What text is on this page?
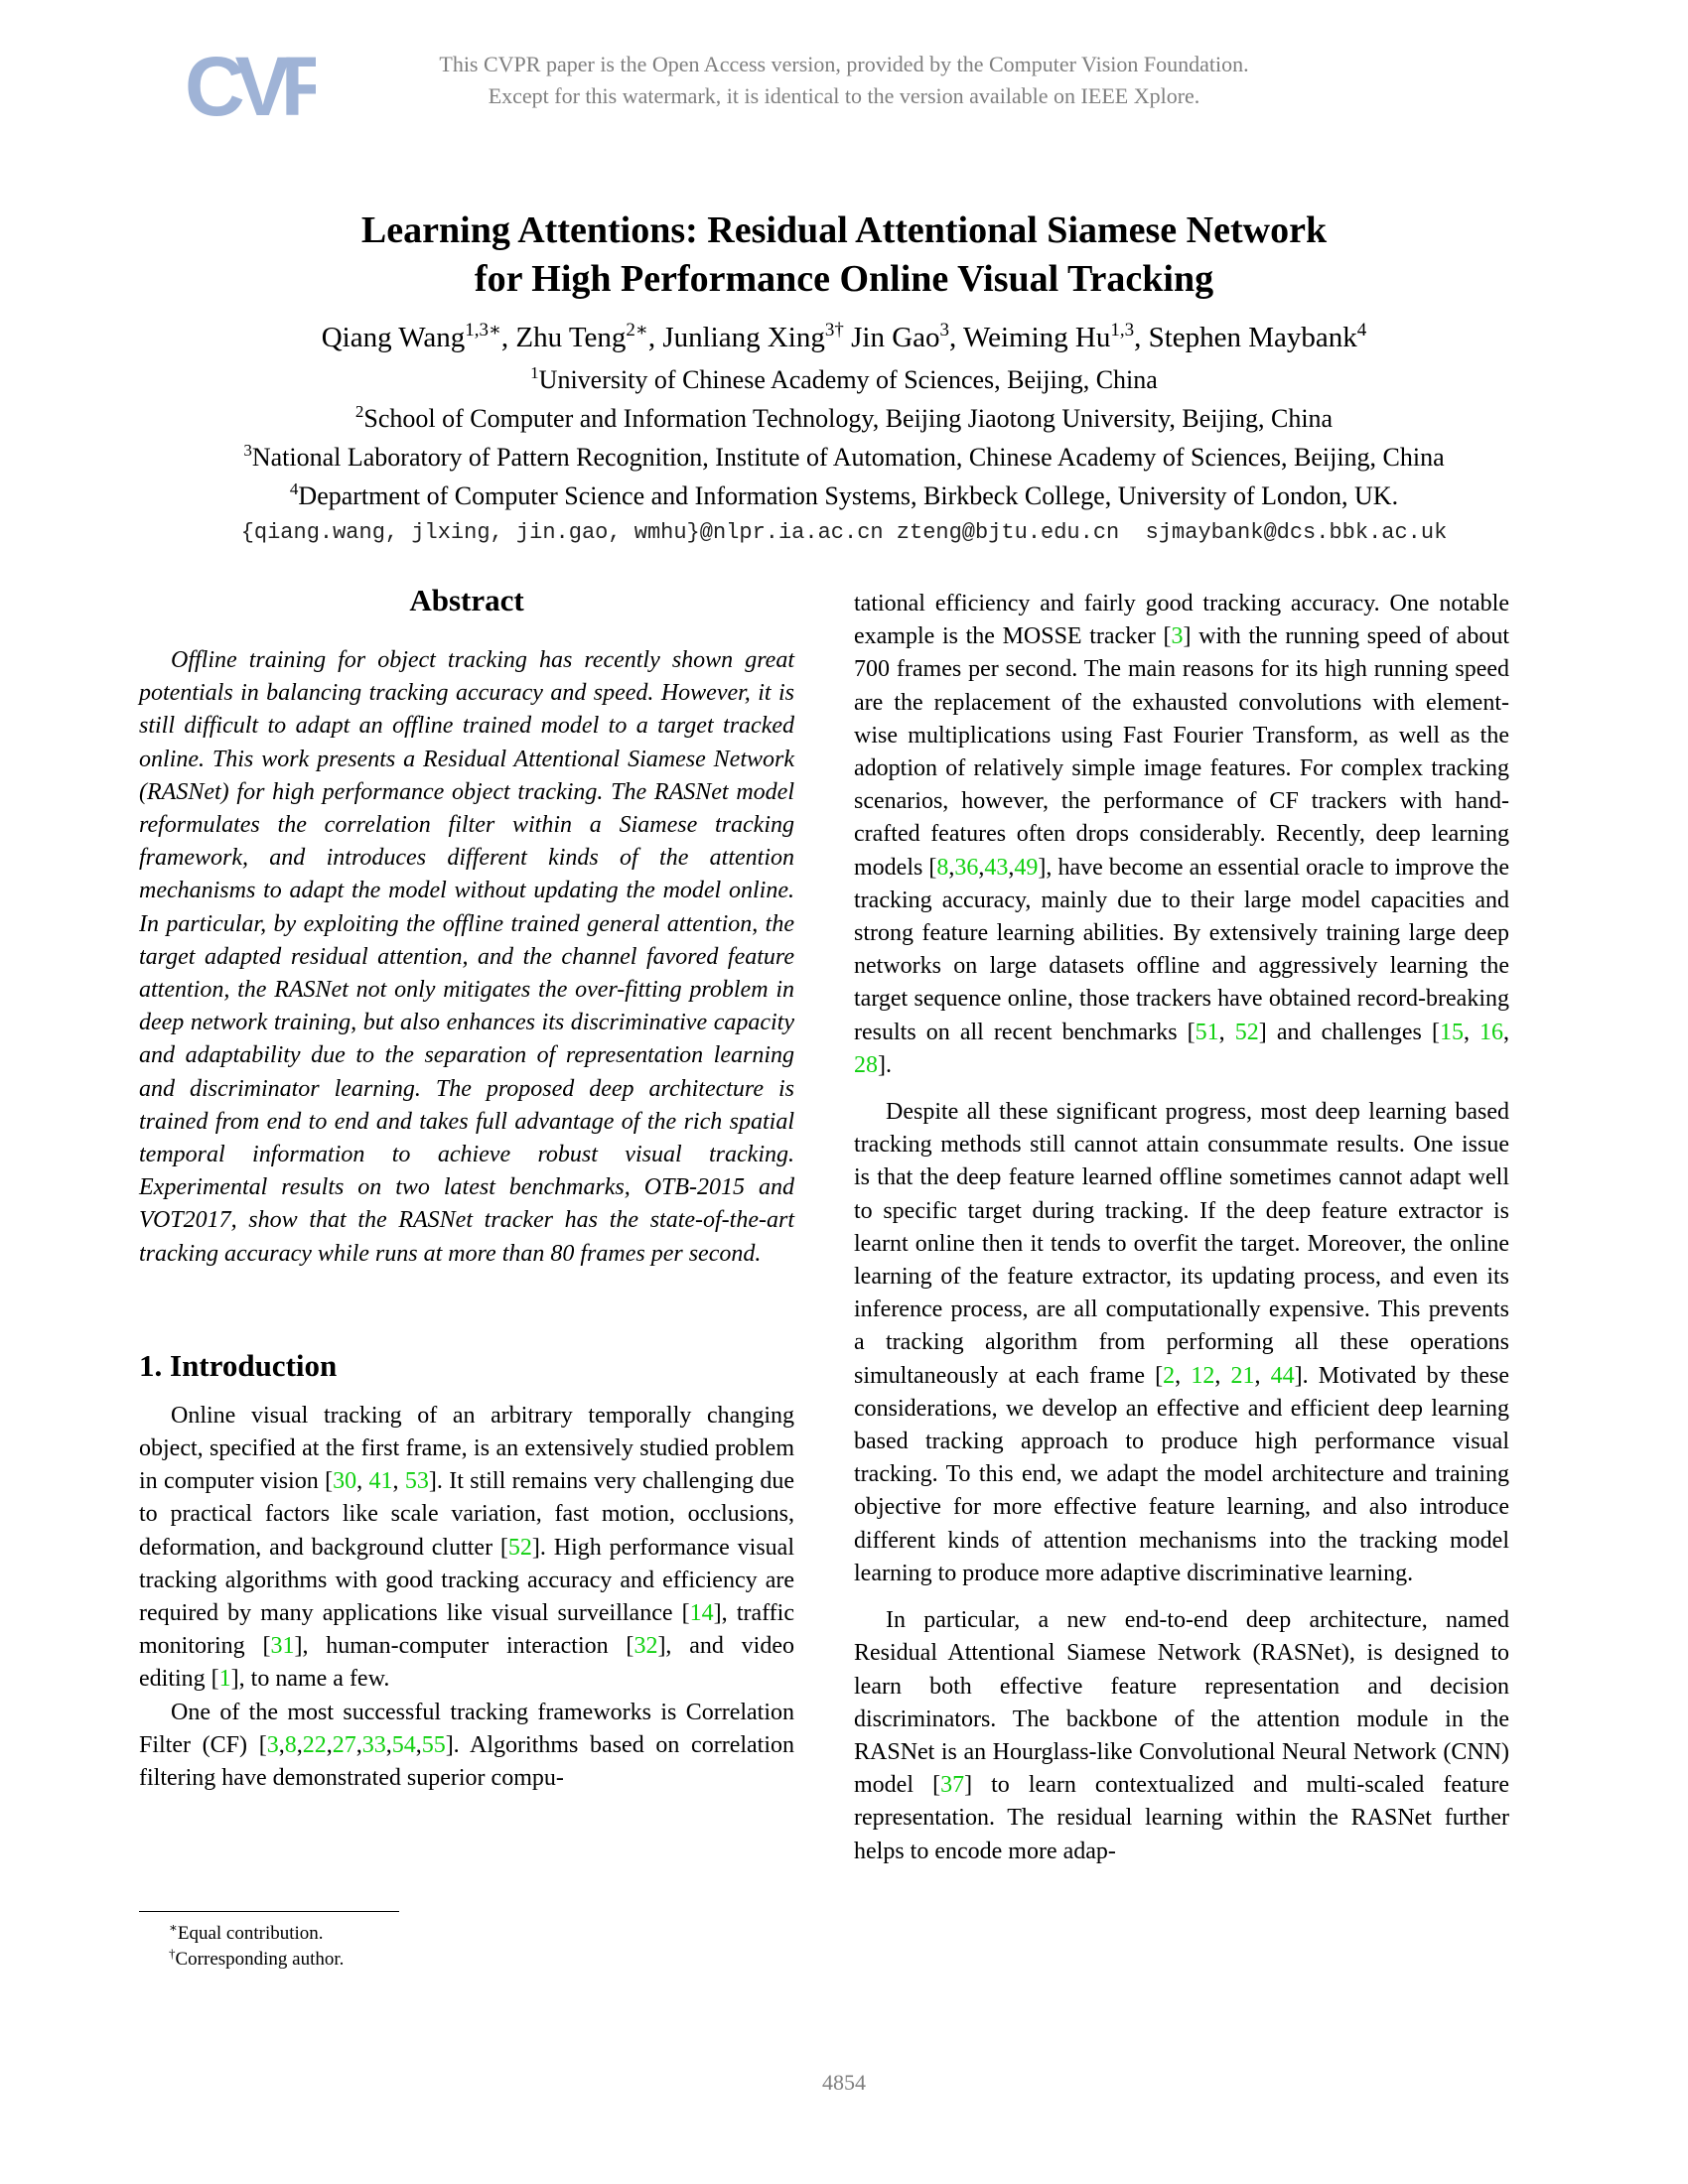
CVF	This CVPR paper is the Open Access version, provided by the Computer Vision Foundation.
Except for this watermark, it is identical to the version available on IEEE Xplore.
Learning Attentions: Residual Attentional Siamese Network
for High Performance Online Visual Tracking
Qiang Wang$^{1,3∗}$, Zhu Teng$^{2∗}$, Junliang Xing$^{3\dagger}$ Jin Gao$^3$, Weiming Hu$^{1,3}$, Stephen Maybank$^4$
$^1$University of Chinese Academy of Sciences, Beijing, China
$^2$School of Computer and Information Technology, Beijing Jiaotong University, Beijing, China
$^3$National Laboratory of Pattern Recognition, Institute of Automation, Chinese Academy of Sciences, Beijing, China
$^4$Department of Computer Science and Information Systems, Birkbeck College, University of London, UK.
{qiang.wang, jlxing, jin.gao, wmhu}@nlpr.ia.ac.cn zteng@bjtu.edu.cn  sjmaybank@dcs.bbk.ac.uk
Abstract

Offline training for object tracking has recently shown great potentials in balancing tracking accuracy and speed. However, it is still difficult to adapt an offline trained model to a target tracked online. This work presents a Residual Attentional Siamese Network (RASNet) for high performance object tracking. The RASNet model reformulates the correlation filter within a Siamese tracking framework, and introduces different kinds of the attention mechanisms to adapt the model without updating the model online. In particular, by exploiting the offline trained general attention, the target adapted residual attention, and the channel favored feature attention, the RASNet not only mitigates the over-fitting problem in deep network training, but also enhances its discriminative capacity and adaptability due to the separation of representation learning and discriminator learning. The proposed deep architecture is trained from end to end and takes full advantage of the rich spatial temporal information to achieve robust visual tracking. Experimental results on two latest benchmarks, OTB-2015 and VOT2017, show that the RASNet tracker has the state-of-the-art tracking accuracy while runs at more than 80 frames per second.

1. Introduction

Online visual tracking of an arbitrary temporally changing object, specified at the first frame, is an extensively studied problem in computer vision [30, 41, 53]. It still remains very challenging due to practical factors like scale variation, fast motion, occlusions, deformation, and background clutter [52]. High performance visual tracking algorithms with good tracking accuracy and efficiency are required by many applications like visual surveillance [14], traffic monitoring [31], human-computer interaction [32], and video editing [1], to name a few.

One of the most successful tracking frameworks is Correlation Filter (CF) [3,8,22,27,33,54,55]. Algorithms based on correlation filtering have demonstrated superior compu-

tational efficiency and fairly good tracking accuracy. One notable example is the MOSSE tracker [3] with the running speed of about 700 frames per second. The main reasons for its high running speed are the replacement of the exhausted convolutions with element-wise multiplications using Fast Fourier Transform, as well as the adoption of relatively simple image features. For complex tracking scenarios, however, the performance of CF trackers with hand-crafted features often drops considerably. Recently, deep learning models [8,36,43,49], have become an essential oracle to improve the tracking accuracy, mainly due to their large model capacities and strong feature learning abilities. By extensively training large deep networks on large datasets offline and aggressively learning the target sequence online, those trackers have obtained record-breaking results on all recent benchmarks [51, 52] and challenges [15, 16, 28].

Despite all these significant progress, most deep learning based tracking methods still cannot attain consummate results. One issue is that the deep feature learned offline sometimes cannot adapt well to specific target during tracking. If the deep feature extractor is learnt online then it tends to overfit the target. Moreover, the online learning of the feature extractor, its updating process, and even its inference process, are all computationally expensive. This prevents a tracking algorithm from performing all these operations simultaneously at each frame [2, 12, 21, 44]. Motivated by these considerations, we develop an effective and efficient deep learning based tracking approach to produce high performance visual tracking. To this end, we adapt the model architecture and training objective for more effective feature learning, and also introduce different kinds of attention mechanisms into the tracking model learning to produce more adaptive discriminative learning.

In particular, a new end-to-end deep architecture, named Residual Attentional Siamese Network (RASNet), is designed to learn both effective feature representation and decision discriminators. The backbone of the attention module in the RASNet is an Hourglass-like Convolutional Neural Network (CNN) model [37] to learn contextualized and multi-scaled feature representation. The residual learning within the RASNet further helps to encode more adap-

∗Equal contribution.
†Corresponding author.
4854
